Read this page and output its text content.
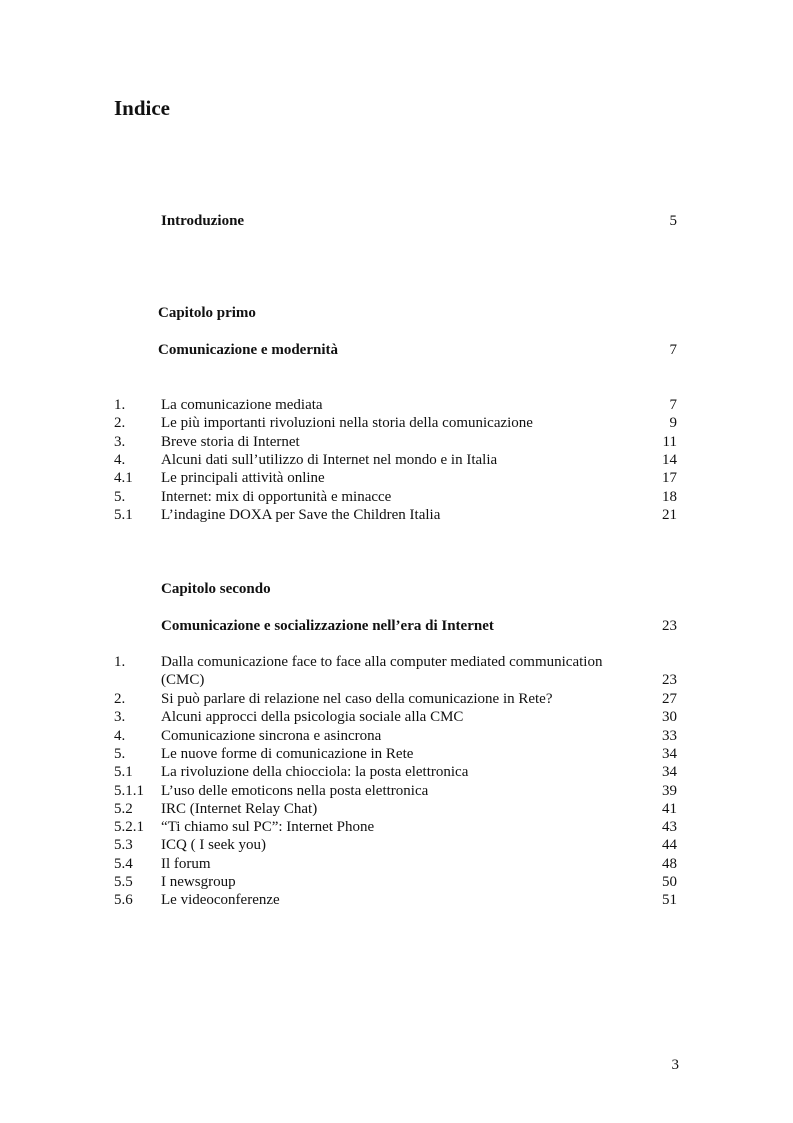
Indice
Introduzione	5
Capitolo primo
Comunicazione e modernità	7
1. La comunicazione mediata	7
2. Le più importanti rivoluzioni nella storia della comunicazione	9
3. Breve storia di Internet	11
4. Alcuni dati sull’utilizzo di Internet nel mondo e in Italia	14
4.1 Le principali attività online	17
5. Internet: mix di opportunità e minacce	18
5.1 L’indagine DOXA per Save the Children Italia	21
Capitolo secondo
Comunicazione e socializzazione nell’era di Internet	23
1. Dalla comunicazione face to face alla computer mediated communication
(CMC)	23
2. Si può parlare di relazione nel caso della comunicazione in Rete?	27
3. Alcuni approcci della psicologia sociale alla CMC	30
4. Comunicazione sincrona e asincrona	33
5. Le nuove forme di comunicazione in Rete	34
5.1 La rivoluzione della chiocciola: la posta elettronica	34
5.1.1 L’uso delle emoticons nella posta elettronica	39
5.2 IRC (Internet Relay Chat)	41
5.2.1 “Ti chiamo sul PC”: Internet Phone	43
5.3 ICQ ( I seek you)	44
5.4 Il forum	48
5.5 I newsgroup	50
5.6 Le videoconferenze	51
3
